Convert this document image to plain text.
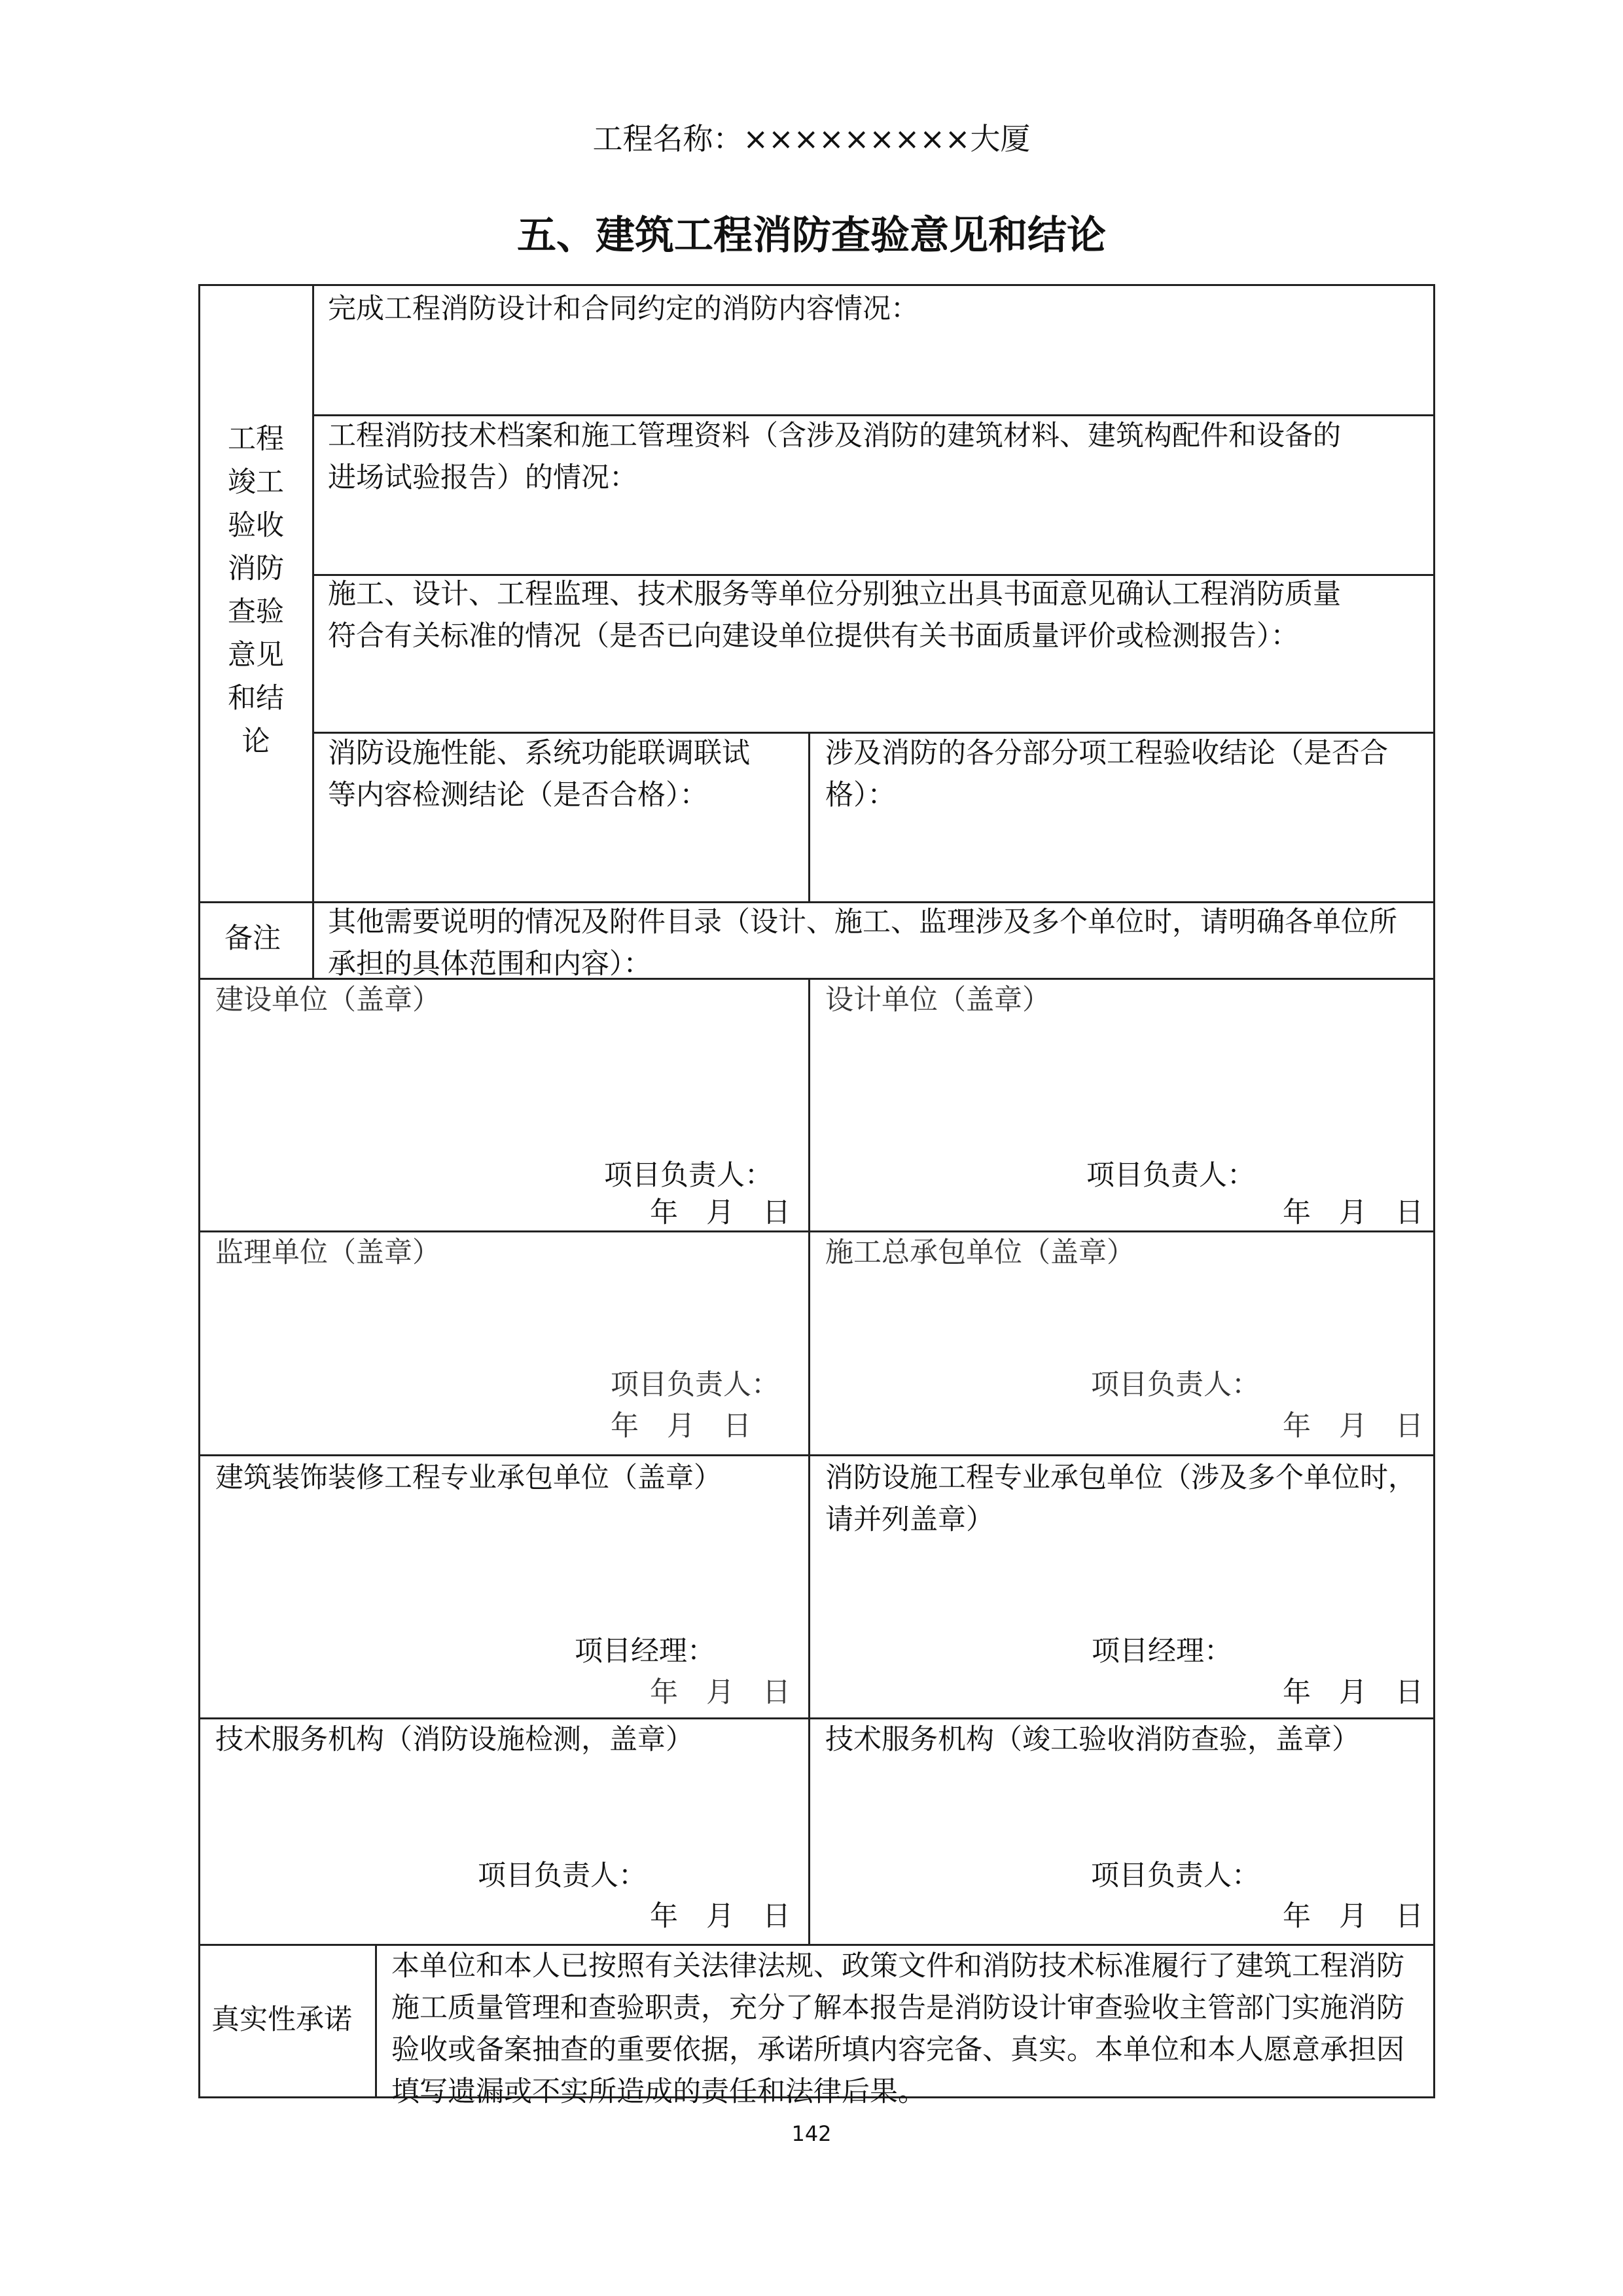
工程名称：×××××××××大厦
五、建筑工程消防查验意见和结论
工程
竣工
验收
消防
查验
意见
和结
论
完成工程消防设计和合同约定的消防内容情况：
工程消防技术档案和施工管理资料（含涉及消防的建筑材料、建筑构配件和设备的
进场试验报告）的情况：
施工、设计、工程监理、技术服务等单位分别独立出具书面意见确认工程消防质量
符合有关标准的情况（是否已向建设单位提供有关书面质量评价或检测报告）：
消防设施性能、系统功能联调联试
等内容检测结论（是否合格）：
涉及消防的各分部分项工程验收结论（是否合
格）：
备注 其他需要说明的情况及附件目录（设计、施工、监理涉及多个单位时，请明确各单位所
承担的具体范围和内容）：
建设单位（盖章）
项目负责人：
年　月　日
设计单位（盖章）
项目负责人：
年　月　日
监理单位（盖章）
项目负责人：
年　月　日
施工总承包单位（盖章）
项目负责人：
年　月　日
建筑装饰装修工程专业承包单位（盖章）
项目经理：
年　月　日
消防设施工程专业承包单位（涉及多个单位时，
请并列盖章）
项目经理：
年　月　日
技术服务机构（消防设施检测，盖章）
项目负责人：
年　月　日
技术服务机构（竣工验收消防查验，盖章）
项目负责人：
年　月　日
真实性承诺
本单位和本人已按照有关法律法规、政策文件和消防技术标准履行了建筑工程消防
施工质量管理和查验职责，充分了解本报告是消防设计审查验收主管部门实施消防
验收或备案抽查的重要依据，承诺所填内容完备、真实。本单位和本人愿意承担因
填写遗漏或不实所造成的责任和法律后果。
142
